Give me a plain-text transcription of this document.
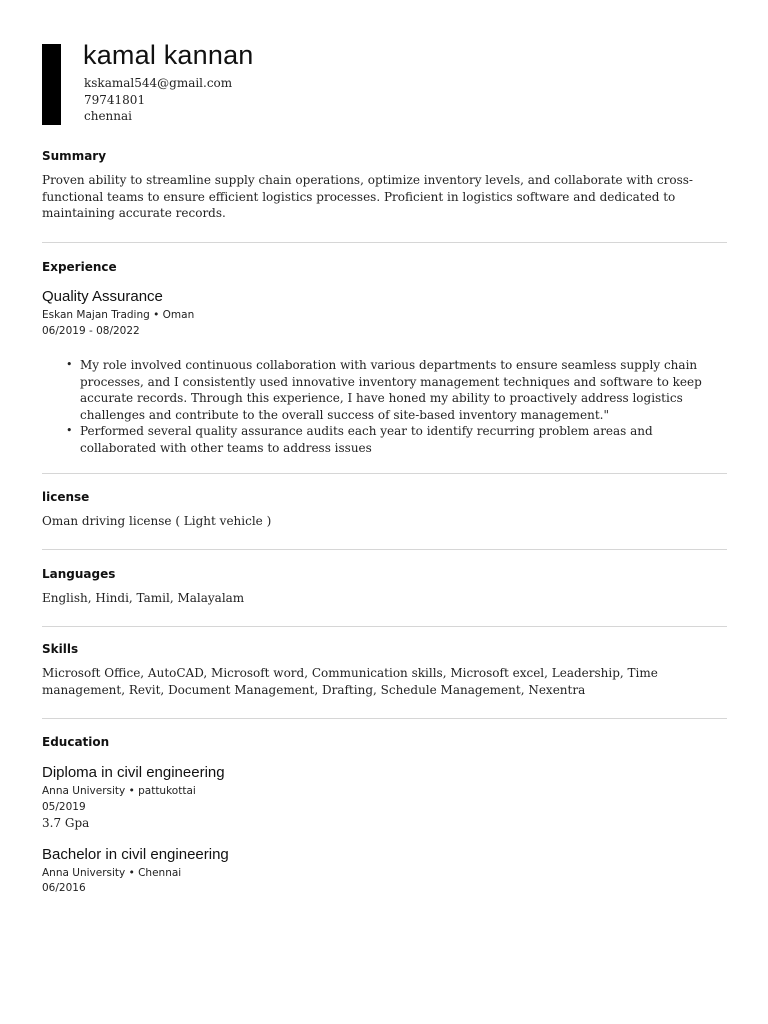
kamal kannan
kskamal544@gmail.com
79741801
chennai
Summary
Proven ability to streamline supply chain operations, optimize inventory levels, and collaborate with cross-functional teams to ensure efficient logistics processes. Proficient in logistics software and dedicated to maintaining accurate records.
Experience
Quality Assurance
Eskan Majan Trading • Oman
06/2019 - 08/2022
• My role involved continuous collaboration with various departments to ensure seamless supply chain processes, and I consistently used innovative inventory management techniques and software to keep accurate records. Through this experience, I have honed my ability to proactively address logistics challenges and contribute to the overall success of site-based inventory management."
• Performed several quality assurance audits each year to identify recurring problem areas and collaborated with other teams to address issues
license
Oman driving license ( Light vehicle )
Languages
English, Hindi, Tamil, Malayalam
Skills
Microsoft Office, AutoCAD, Microsoft word, Communication skills, Microsoft excel, Leadership, Time management, Revit, Document Management, Drafting, Schedule Management, Nexentra
Education
Diploma in civil engineering
Anna University • pattukottai
05/2019
3.7 Gpa
Bachelor in civil engineering
Anna University • Chennai
06/2016
